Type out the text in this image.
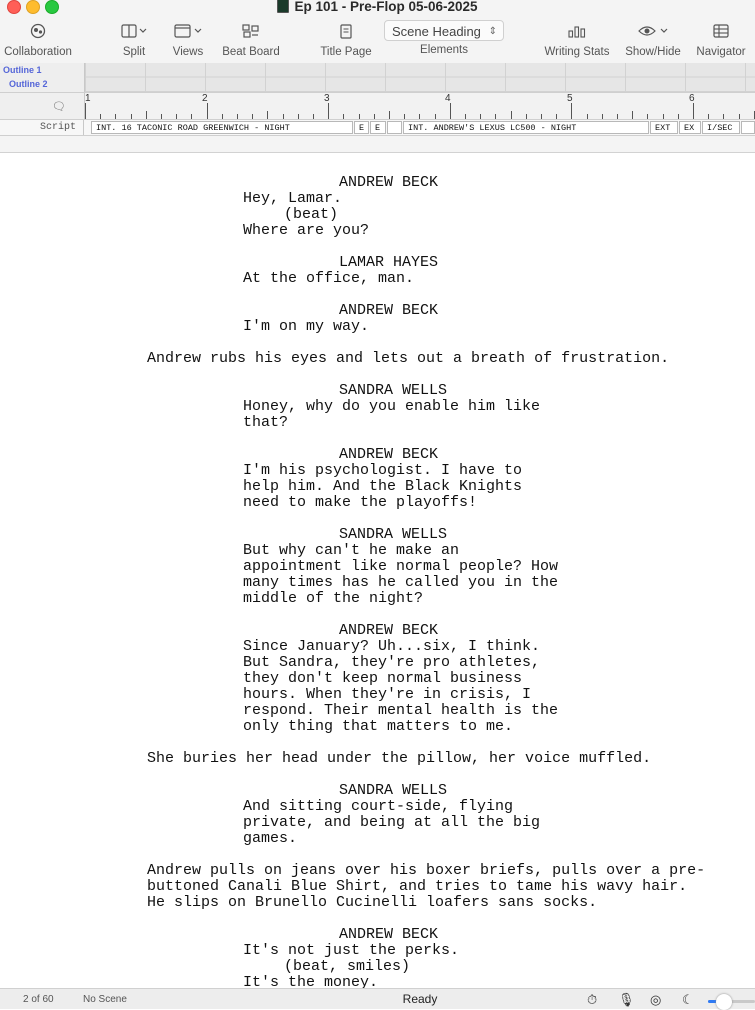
Ep 101 - Pre-Flop 05-06-2025
Collaboration	Split	Views	Beat Board	Title Page
Scene Heading ⇕
Elements	Writing Stats	Show/Hide	Navigator
Outline 1
Outline 2
🗨
1	2	3	4	5	6
Script	INT. 16 TACONIC ROAD GREENWICH - NIGHT	E	E	INT. ANDREW'S LEXUS LC500 - NIGHT	EXT	EX	I/SEC
ANDREW BECK
Hey, Lamar.
(beat)
Where are you?
LAMAR HAYES
At the office, man.
ANDREW BECK
I'm on my way.
Andrew rubs his eyes and lets out a breath of frustration.
SANDRA WELLS
Honey, why do you enable him like
that?
ANDREW BECK
I'm his psychologist. I have to
help him. And the Black Knights
need to make the playoffs!
SANDRA WELLS
But why can't he make an
appointment like normal people? How
many times has he called you in the
middle of the night?
ANDREW BECK
Since January? Uh...six, I think.
But Sandra, they're pro athletes,
they don't keep normal business
hours. When they're in crisis, I
respond. Their mental health is the
only thing that matters to me.
She buries her head under the pillow, her voice muffled.
SANDRA WELLS
And sitting court-side, flying
private, and being at all the big
games.
Andrew pulls on jeans over his boxer briefs, pulls over a pre-
buttoned Canali Blue Shirt, and tries to tame his wavy hair.
He slips on Brunello Cucinelli loafers sans socks.
ANDREW BECK
It's not just the perks.
(beat, smiles)
It's the money.
2 of 60	No Scene	Ready	⏱ 🎙 ◎ ☾
